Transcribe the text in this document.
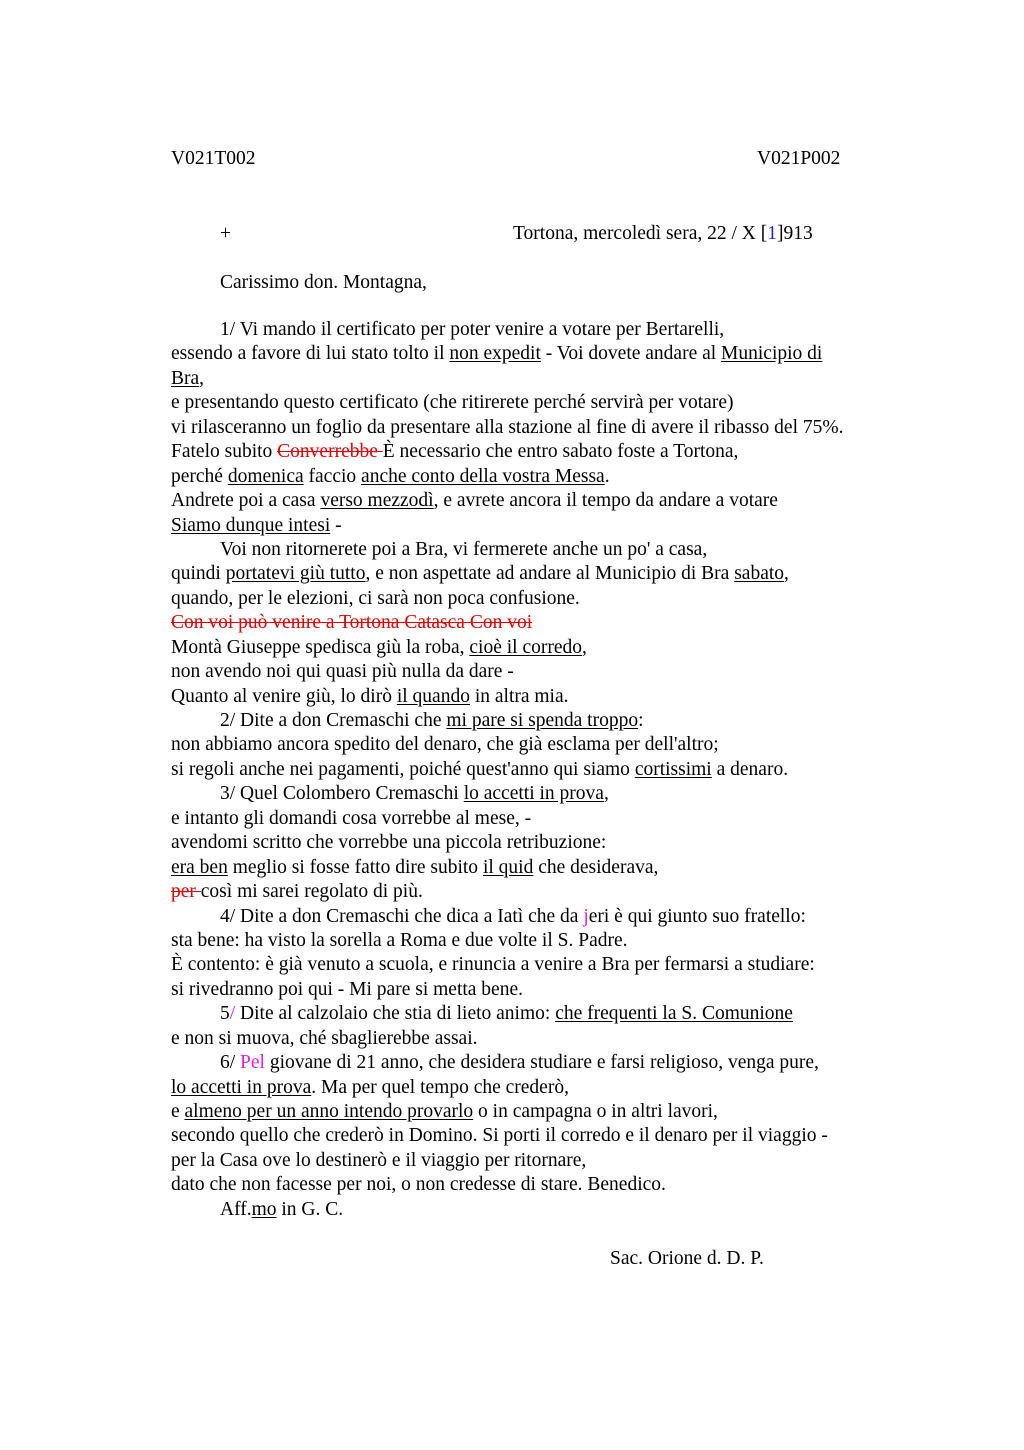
V021T002	V021P002
+	Tortona, mercoledì sera, 22 / X [1]913
Carissimo don. Montagna,
1/ Vi mando il certificato per poter venire a votare per Bertarelli,
essendo a favore di lui stato tolto il non expedit - Voi dovete andare al Municipio di
Bra,
e presentando questo certificato (che ritirerete perché servirà per votare)
vi rilasceranno un foglio da presentare alla stazione al fine di avere il ribasso del 75%.
Fatelo subito Converrebbe È necessario che entro sabato foste a Tortona,
perché domenica faccio anche conto della vostra Messa.
Andrete poi a casa verso mezzodì, e avrete ancora il tempo da andare a votare
Siamo dunque intesi -
Voi non ritornerete poi a Bra, vi fermerete anche un po' a casa,
quindi portatevi giù tutto, e non aspettate ad andare al Municipio di Bra sabato,
quando, per le elezioni, ci sarà non poca confusione.
Con voi può venire a Tortona Catasca Con voi
Montà Giuseppe spedisca giù la roba, cioè il corredo,
non avendo noi qui quasi più nulla da dare -
Quanto al venire giù, lo dirò il quando in altra mia.
2/ Dite a don Cremaschi che mi pare si spenda troppo:
non abbiamo ancora spedito del denaro, che già esclama per dell'altro;
si regoli anche nei pagamenti, poiché quest'anno qui siamo cortissimi a denaro.
3/ Quel Colombero Cremaschi lo accetti in prova,
e intanto gli domandi cosa vorrebbe al mese, -
avendomi scritto che vorrebbe una piccola retribuzione:
era ben meglio si fosse fatto dire subito il quid che desiderava,
per così mi sarei regolato di più.
4/ Dite a don Cremaschi che dica a Iatì che da jeri è qui giunto suo fratello:
sta bene: ha visto la sorella a Roma e due volte il S. Padre.
È contento: è già venuto a scuola, e rinuncia a venire a Bra per fermarsi a studiare:
si rivedranno poi qui - Mi pare si metta bene.
5/ Dite al calzolaio che stia di lieto animo: che frequenti la S. Comunione
e non si muova, ché sbaglierebbe assai.
6/ Pel giovane di 21 anno, che desidera studiare e farsi religioso, venga pure,
lo accetti in prova. Ma per quel tempo che crederò,
e almeno per un anno intendo provarlo o in campagna o in altri lavori,
secondo quello che crederò in Domino. Si porti il corredo e il denaro per il viaggio -
per la Casa ove lo destinerò e il viaggio per ritornare,
dato che non facesse per noi, o non credesse di stare. Benedico.
Aff.mo in G. C.
Sac. Orione d. D. P.
